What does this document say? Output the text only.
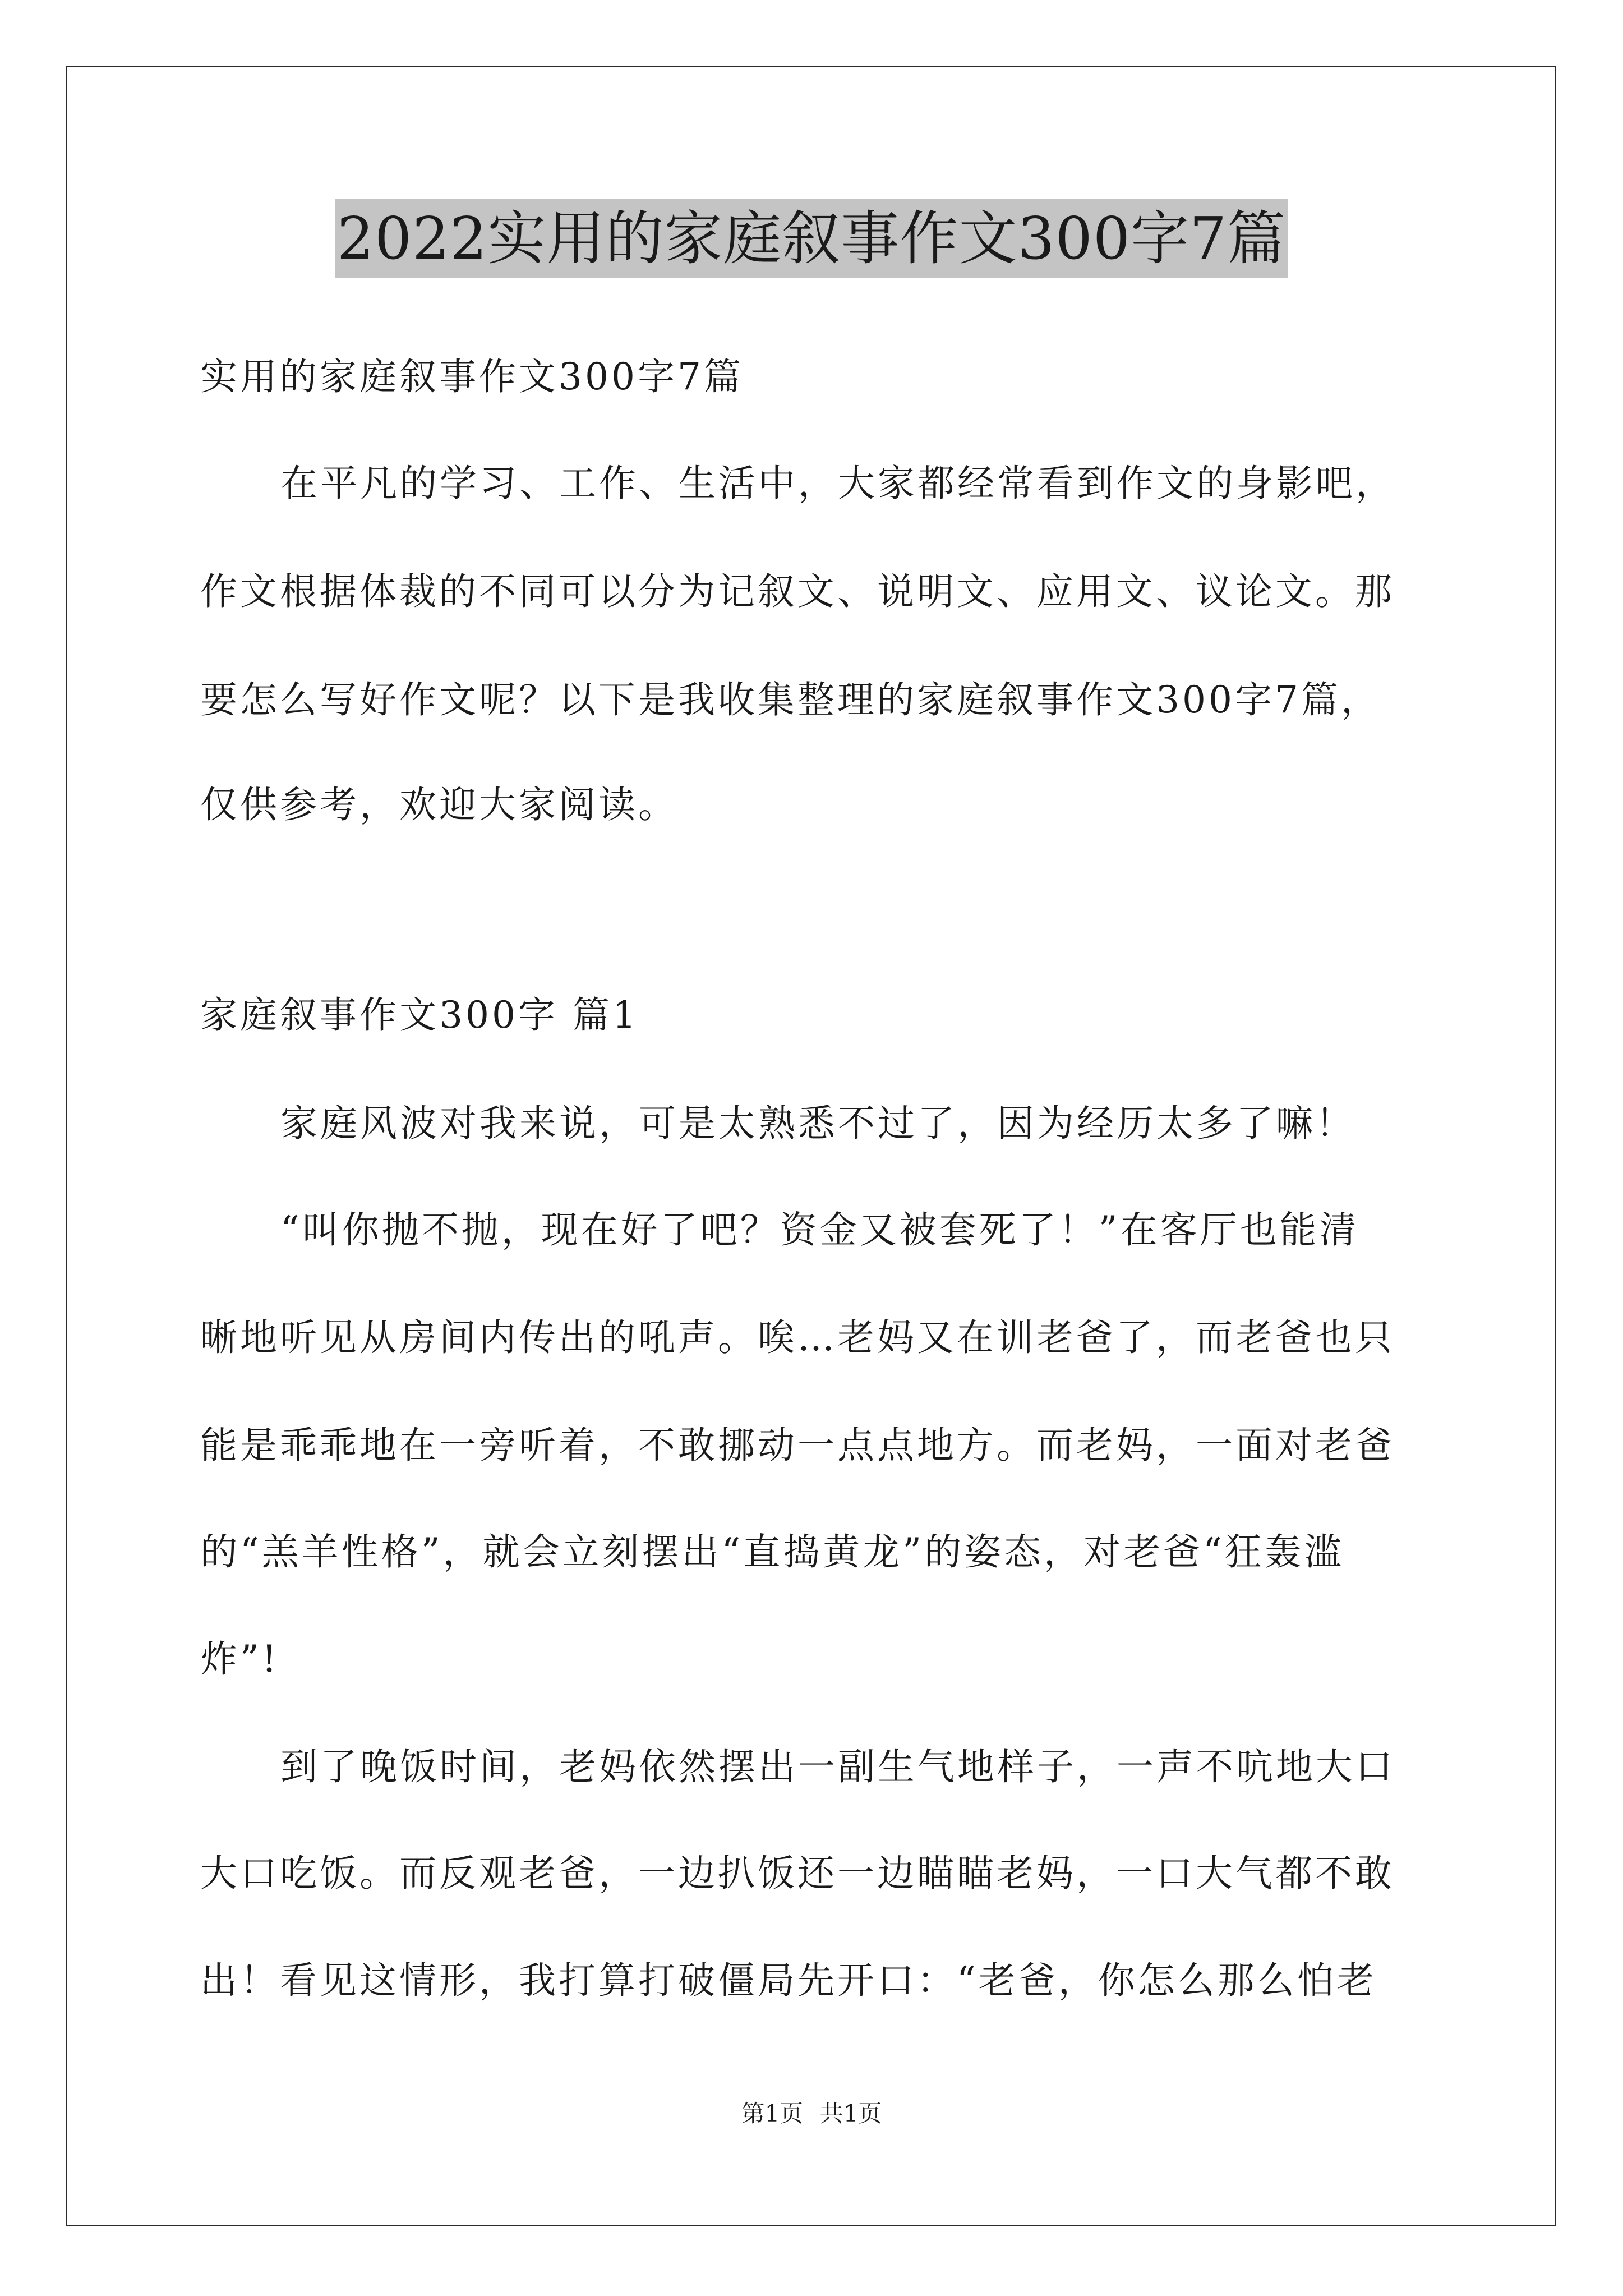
2022实用的家庭叙事作文300字7篇
实用的家庭叙事作文300字7篇
在平凡的学习、工作、生活中，大家都经常看到作文的身影吧，
作文根据体裁的不同可以分为记叙文、说明文、应用文、议论文。那
要怎么写好作文呢？以下是我收集整理的家庭叙事作文300字7篇，
仅供参考，欢迎大家阅读。
家庭叙事作文300字 篇1
家庭风波对我来说，可是太熟悉不过了，因为经历太多了嘛！
“叫你抛不抛，现在好了吧？资金又被套死了！”在客厅也能清
晰地听见从房间内传出的吼声。唉…老妈又在训老爸了，而老爸也只
能是乖乖地在一旁听着，不敢挪动一点点地方。而老妈，一面对老爸
的“羔羊性格”，就会立刻摆出“直捣黄龙”的姿态，对老爸“狂轰滥
炸”!
到了晚饭时间，老妈依然摆出一副生气地样子，一声不吭地大口
大口吃饭。而反观老爸，一边扒饭还一边瞄瞄老妈，一口大气都不敢
出！看见这情形，我打算打破僵局先开口：“老爸，你怎么那么怕老
第1页 共1页
